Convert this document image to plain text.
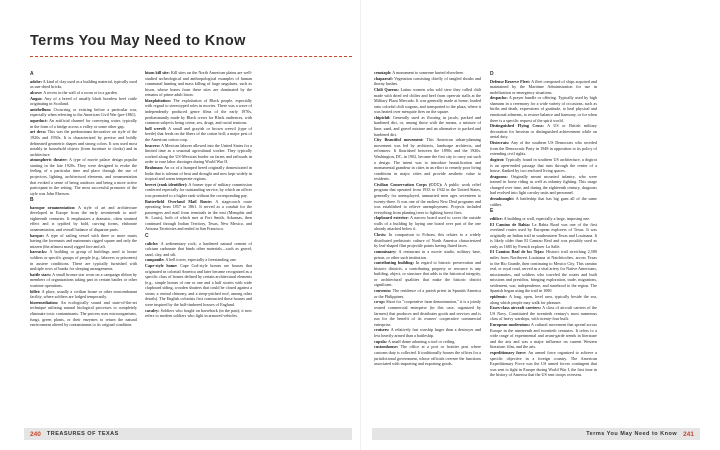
Terms You May Need to Know

A

adobe: A kind of clay used as a building material, typically used as sun-dried bricks.

alcove: A recess in the wall of a room or in a garden.

Angus: Any of a breed of usually black hornless beef cattle originating in Scotland.

antebellum: Occurring or existing before a particular war, especially when referring to the American Civil War (pre-1861).

aqueduct: An artificial channel for conveying water, typically in the form of a bridge across a valley or some other gap.

art deco: This was the predominant decorative art style of the 1920s and 1930s. It is characterized by precise and boldly delineated geometric shapes and strong colors. It was used most notably in household objects (from furniture to clocks) and in architecture.

atmospheric theater: A type of movie palace design popular starting in the late 1920s. They were designed to evoke the feeling of a particular time and place through the use of projectors, lighting, architectural elements, and ornamentation that evoked a sense of being outdoors and being a more active participant in the setting. The most successful promoter of the style was John Eberson.

B

baroque ornamentation: A style of art and architecture developed in Europe from the early seventeenth to mid-eighteenth centuries. It emphasizes a dramatic, often strained effect and is typified by bold, curving forms, elaborate ornamentation, and overall balance of disparate parts.

barque: A type of sailing vessel with three or more masts having the foremasts and mainmasts rigged square and only the mizzen (the aftmost mast) rigged fore and aft.

barracks: A building or group of buildings used to house soldiers or specific groups of people (e.g., laborers or prisoners) in austere conditions. These are typically furnished with multiple rows of bunks for sleeping arrangements.

battle stars: A small bronze star worn on a campaign ribbon by members of organizations taking part in certain battles or other wartime operations.

billet: A place, usually a civilian house or other noncombatant facility, where soldiers are lodged temporarily.

bioremediation: An ecologically sound and state-of-the-art technique utilizing natural biological processes to completely eliminate toxic contaminants. The process uses microorganisms, fungi, green plants, or their enzymes to return the natural environment altered by contaminants to its original condition.

bison kill site: Kill sites on the North American plains are well-studied archeological and anthropological examples of human communal hunting and mass killing of large ungulates, such as bison, whose bones from these sites are dominated by the remains of prime adult bison.

blaxploitation: The exploitation of Black people, especially with regard to stereotyped roles in movies. There was a wave of independently produced genre films of the early 1970s, predominantly made by Black crews for Black audiences, with common subjects being crime, sex, drugs, and racial tensions.

boll weevil: A small and grayish or brown weevil (type of beetle) that feeds on the fibers of the cotton boll; a major pest of the American cotton crop.

bracero: A Mexican laborer allowed into the United States for a limited time as a seasonal agricultural worker. They typically worked along the US-Mexican border on farms and railroads in order to ease labor shortages during World War II.

Brahman: An ox of a humped breed originally domesticated in India that is tolerant of heat and drought and now kept widely in tropical and warm temperate regions.

brevet (rank identifier): A former type of military commission conferred especially for outstanding service, by which an officer was promoted to a higher rank without the corresponding pay.

Butterfield Overland Mail Route: A stagecoach route operating from 1857 to 1861. It served as a conduit for the passengers and mail from terminals in the east (Memphis and St. Louis), both of which met at Fort Smith, Arkansas, then continued through Indian Territory, Texas, New Mexico, and Arizona Territories and ended in San Francisco.

C

caliche: A sedimentary rock; a hardened natural cement of calcium carbonate that binds other materials—such as gravel, sand, clay, and silt.

campanile: A bell tower, especially a freestanding one.

Cape-style home: Cape Cod-style homes are houses that originated in colonial America and later became recognized as a specific class of homes defined by certain architectural elements (e.g., simple homes of one or one and a half stories with wide clapboard siding, wooden shutters that could be closed against a storm, a central chimney, and a steep-pitched roof, among other details). The English colonists first constructed these houses and were inspired by the half-timbered houses of England.

cavalry: Soldiers who fought on horseback (in the past); it now refers to modern soldiers who fight in armored vehicles.

cenotaph: A monument to someone buried elsewhere.

chaparral: Vegetation consisting chiefly of tangled shrubs and thorny bushes.

Chili Queens: Latino women who sold stew they called chili made with dried red chilies and beef from open-air stalls at the Military Plaza Mercado. It was generally made at home, loaded onto colorful chili wagons, and transported to the plaza, where it was heated over mesquite fires on the square.

chipichil: Generally used as flooring in jacals; packed and hardened dirt, or, among those with the means, a mixture of lime, sand, and gravel mixture and an alternative to packed and hardened dirt.

City Beautiful movement: This American urban-planning movement was led by architects, landscape architects, and reformers. It flourished between the 1890s and the 1920s. Washington, DC, in 1902, became the first city to carry out such a design. The intent was to introduce beautification and monumental grandeur in cities in an effort to remedy poor living conditions in major cities and provide aesthetic value to residents.

Civilian Conservation Corps (CCC): A public work relief program that operated from 1933 to 1942 in the United States, generally for unemployed, unmarried men ages seventeen to twenty-three. It was one of the earliest New Deal programs and was established to relieve unemployment. Projects included everything from planting trees to fighting forest fires.

clapboard exterior: A narrow board used to cover the outside walls of a building by laying one board over part of the one already attached below it.

Clovis: In comparison to Folsom, this relates to a widely distributed prehistoric culture of North America characterized by leaf-shaped flint projectile points having fluted faces.

commissary: A restaurant in a movie studio, military base, prison, or other such institution.

contributing building: In regard to historic preservation and historic districts, a contributing property or resource is any building, object, or structure that adds to the historical integrity, or architectural qualities that make the historic district significant.

convento: The residence of a parish priest in Spanish America or the Philippines.

co-op: Short for "cooperative farm denomination," it is a jointly owned commercial enterprise (in this case, organized by farmers) that produces and distributes goods and services and is run for the benefit of its owners' cooperative commercial enterprise.

cruisers: A relatively fast warship larger than a destroyer and less heavily armed than a battleship.

cupola: A small dome adorning a roof or ceiling.

customhouse: The office at a port or frontier post where customs duty is collected. It traditionally houses the offices for a jurisdictional government, whose officials oversee the functions associated with importing and exporting goods.

D

Defense Reserve Fleet: A fleet composed of ships acquired and maintained by the Maritime Administration for use in mobilization or emergency situations.

despacho: A prayer bundle or offering. Typically used by high shamans in a ceremony for a wide variety of occasions, such as births and death, expressions of gratitude, to heal physical and emotional ailments, to restore balance and harmony, or for when there is a specific request of the spirit world.

Distinguished Flying Cross: A US or British military decoration for heroism or distinguished achievement while on aerial duty.

Dixiecrats: Any of the southern US Democrats who seceded from the Democratic Party in 1948 in opposition to its policy of extending civil rights.

dogtrot: Typically found in southern US architecture, a dogtrot is an open-ended passage that runs through the center of a house, flanked by two enclosed living spaces.

dragoons: Originally meant mounted infantry, who were trained in horse riding as well as infantry fighting. This usage changed over time, and during the eighteenth century, dragoons had evolved into light cavalry units and personnel.

dreadnought: A battleship that has big guns all of the same caliber.

E

edifice: A building or wall, especially a large, imposing one.

El Camino de Bahia: La Bahia Road was one of the first overland routes used by European explorers of Texas. It was originally an Indian trail in southeastern Texas and Louisiana. It is likely older than El Camino Real and was possibly used as early as 1685 by French explorer La Salle.

El Camino Real de los Tejas: Historic trail stretching 2,580 miles from Northwest Louisiana at Natchitoches, across Texas to the Rio Grande, then continuing to Mexico City. This camino real, or royal road, served as a vital artery for Native Americans, missionaries, and soldiers who traveled the routes and built missions and presidios, bringing exploration, trade, migrations, settlement, war, independence, and statehood to the region. The Spanish began using the trail in 1690.

epidemic: A long, open, level area, typically beside the sea, along which people may walk for pleasure.

Essex-class aircraft carriers: A class of aircraft carriers of the US Navy. Constituted the twentieth century's most numerous class of heavy warships, with twenty-four built.

European modernism: A cultural movement that spread across Europe in the nineteenth and twentieth centuries. It refers to a wide range of experimental and avant-garde trends in literature and the arts and was a major influence on current Western literature, film, and the arts.

expeditionary force: An armed force organized to achieve a specific objective in a foreign country. The American Expeditionary Force was the US armed forces contingent that was sent to fight in Europe during World War I, the first time in the history of America that the US sent troops overseas.

240 TREASURES OF TEXAS	Terms You May Need to Know 241
